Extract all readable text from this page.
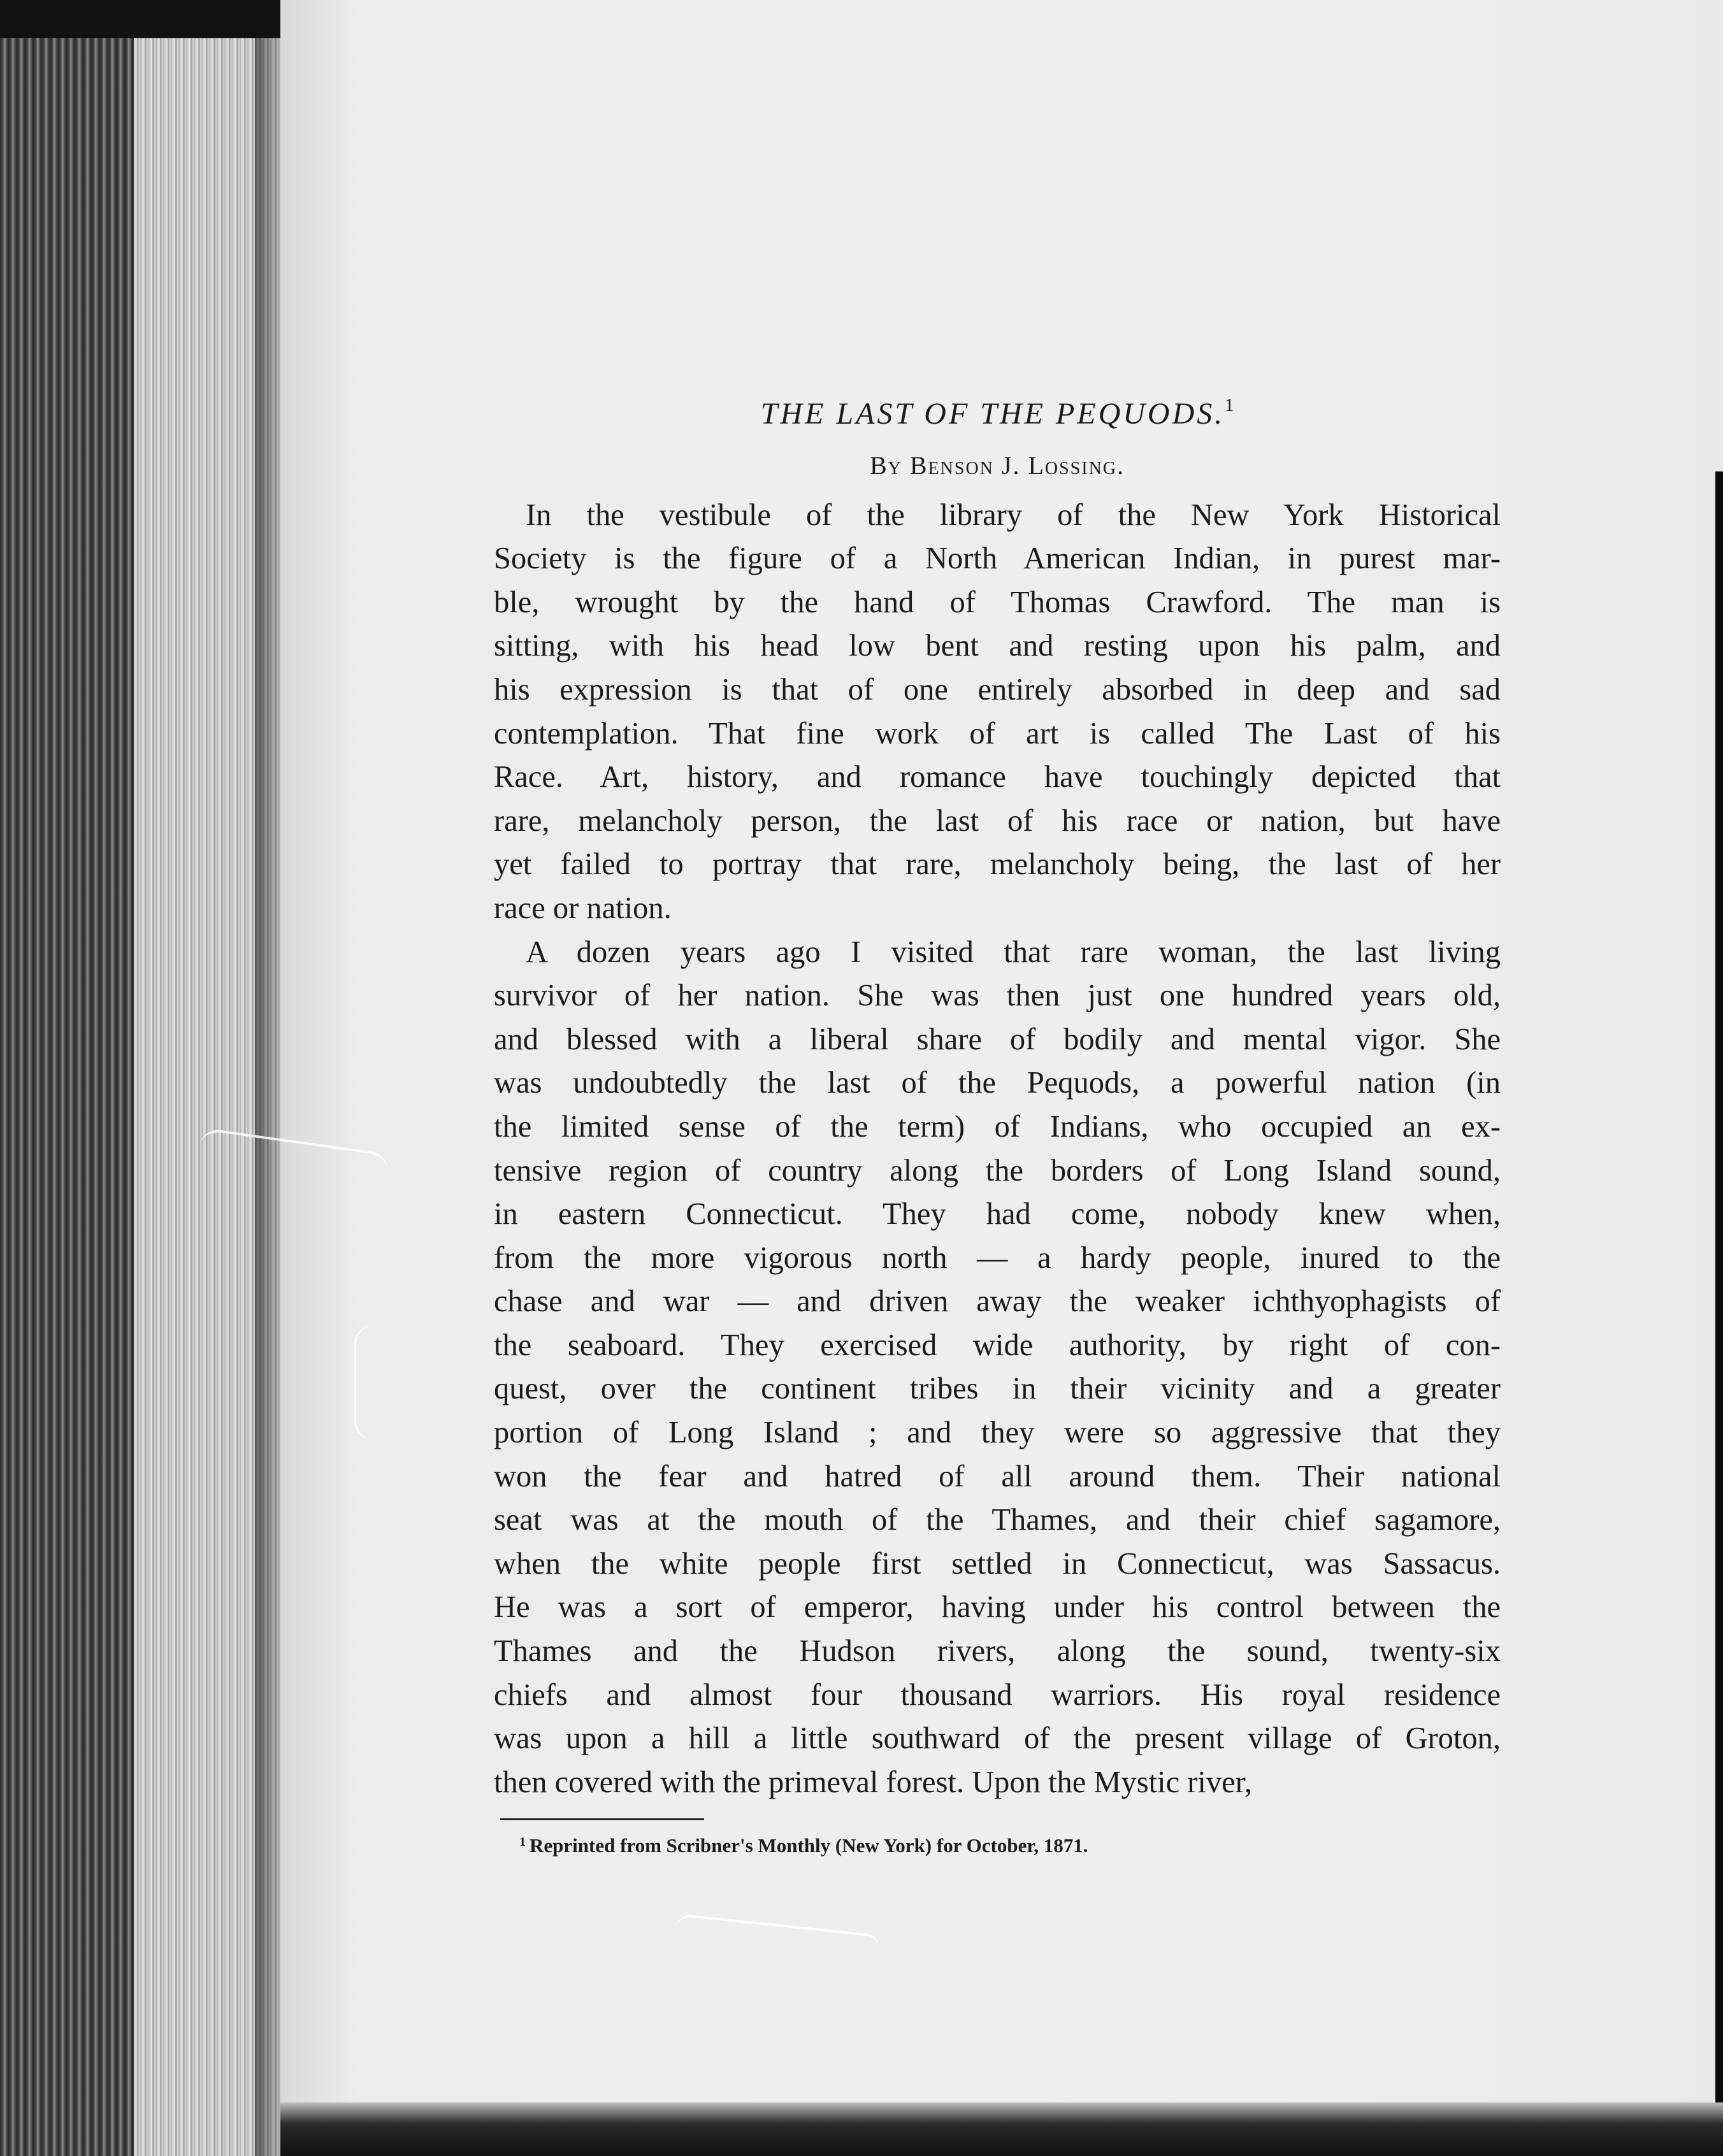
THE LAST OF THE PEQUODS.$^1$
By Benson J. Lossing.
In the vestibule of the library of the New York Historical
Society is the figure of a North American Indian, in purest mar-
ble, wrought by the hand of Thomas Crawford. The man is
sitting, with his head low bent and resting upon his palm, and
his expression is that of one entirely absorbed in deep and sad
contemplation. That fine work of art is called The Last of his
Race. Art, history, and romance have touchingly depicted that
rare, melancholy person, the last of his race or nation, but have
yet failed to portray that rare, melancholy being, the last of her
race or nation.
A dozen years ago I visited that rare woman, the last living
survivor of her nation. She was then just one hundred years old,
and blessed with a liberal share of bodily and mental vigor. She
was undoubtedly the last of the Pequods, a powerful nation (in
the limited sense of the term) of Indians, who occupied an ex-
tensive region of country along the borders of Long Island sound,
in eastern Connecticut. They had come, nobody knew when,
from the more vigorous north — a hardy people, inured to the
chase and war — and driven away the weaker ichthyophagists of
the seaboard. They exercised wide authority, by right of con-
quest, over the continent tribes in their vicinity and a greater
portion of Long Island ; and they were so aggressive that they
won the fear and hatred of all around them. Their national
seat was at the mouth of the Thames, and their chief sagamore,
when the white people first settled in Connecticut, was Sassacus.
He was a sort of emperor, having under his control between the
Thames and the Hudson rivers, along the sound, twenty-six
chiefs and almost four thousand warriors. His royal residence
was upon a hill a little southward of the present village of Groton,
then covered with the primeval forest. Upon the Mystic river,
$^1$ Reprinted from Scribner's Monthly (New York) for October, 1871.
